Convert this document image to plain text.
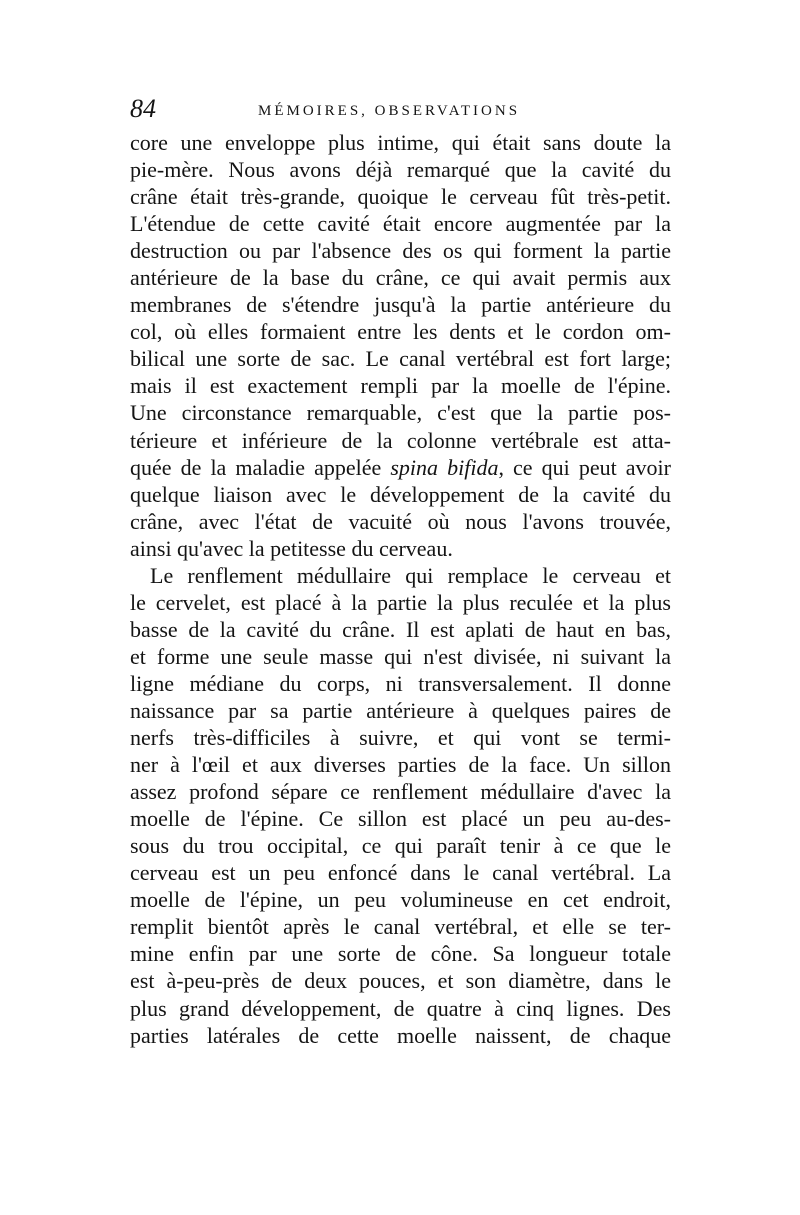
84	MÉMOIRES, OBSERVATIONS
core une enveloppe plus intime, qui était sans doute la
pie-mère. Nous avons déjà remarqué que la cavité du
crâne était très-grande, quoique le cerveau fût très-petit.
L'étendue de cette cavité était encore augmentée par la
destruction ou par l'absence des os qui forment la partie
antérieure de la base du crâne, ce qui avait permis aux
membranes de s'étendre jusqu'à la partie antérieure du
col, où elles formaient entre les dents et le cordon om-
bilical une sorte de sac. Le canal vertébral est fort large;
mais il est exactement rempli par la moelle de l'épine.
Une circonstance remarquable, c'est que la partie pos-
térieure et inférieure de la colonne vertébrale est atta-
quée de la maladie appelée spina bifida, ce qui peut avoir
quelque liaison avec le développement de la cavité du
crâne, avec l'état de vacuité où nous l'avons trouvée,
ainsi qu'avec la petitesse du cerveau.
Le renflement médullaire qui remplace le cerveau et
le cervelet, est placé à la partie la plus reculée et la plus
basse de la cavité du crâne. Il est aplati de haut en bas,
et forme une seule masse qui n'est divisée, ni suivant la
ligne médiane du corps, ni transversalement. Il donne
naissance par sa partie antérieure à quelques paires de
nerfs très-difficiles à suivre, et qui vont se termi-
ner à l'œil et aux diverses parties de la face. Un sillon
assez profond sépare ce renflement médullaire d'avec la
moelle de l'épine. Ce sillon est placé un peu au-des-
sous du trou occipital, ce qui paraît tenir à ce que le
cerveau est un peu enfoncé dans le canal vertébral. La
moelle de l'épine, un peu volumineuse en cet endroit,
remplit bientôt après le canal vertébral, et elle se ter-
mine enfin par une sorte de cône. Sa longueur totale
est à-peu-près de deux pouces, et son diamètre, dans le
plus grand développement, de quatre à cinq lignes. Des
parties latérales de cette moelle naissent, de chaque
